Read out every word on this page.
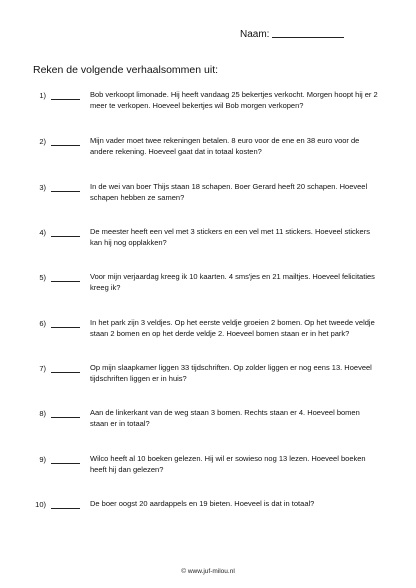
Naam:
Reken de volgende verhaalsommen uit:
1)	Bob verkoopt limonade. Hij heeft vandaag 25 bekertjes verkocht. Morgen hoopt hij er 2 meer te verkopen. Hoeveel bekertjes wil Bob morgen verkopen?
2)	Mijn vader moet twee rekeningen betalen. 8 euro voor de ene en 38 euro voor de andere rekening. Hoeveel gaat dat in totaal kosten?
3)	In de wei van boer Thijs staan 18 schapen. Boer Gerard heeft 20 schapen. Hoeveel schapen hebben ze samen?
4)	De meester heeft een vel met 3 stickers en een vel met 11 stickers. Hoeveel stickers kan hij nog opplakken?
5)	Voor mijn verjaardag kreeg ik 10 kaarten. 4 sms'jes en 21 mailtjes. Hoeveel felicitaties kreeg ik?
6)	In het park zijn 3 veldjes. Op het eerste veldje groeien 2 bomen. Op het tweede veldje staan 2 bomen en op het derde veldje 2. Hoeveel bomen staan er in het park?
7)	Op mijn slaapkamer liggen 33 tijdschriften. Op zolder liggen er nog eens 13. Hoeveel tijdschriften liggen er in huis?
8)	Aan de linkerkant van de weg staan 3 bomen. Rechts staan er 4. Hoeveel bomen staan er in totaal?
9)	Wilco heeft al 10 boeken gelezen. Hij wil er sowieso nog 13 lezen. Hoeveel boeken heeft hij dan gelezen?
10)	De boer oogst 20 aardappels en 19 bieten. Hoeveel is dat in totaal?
© www.juf-milou.nl
